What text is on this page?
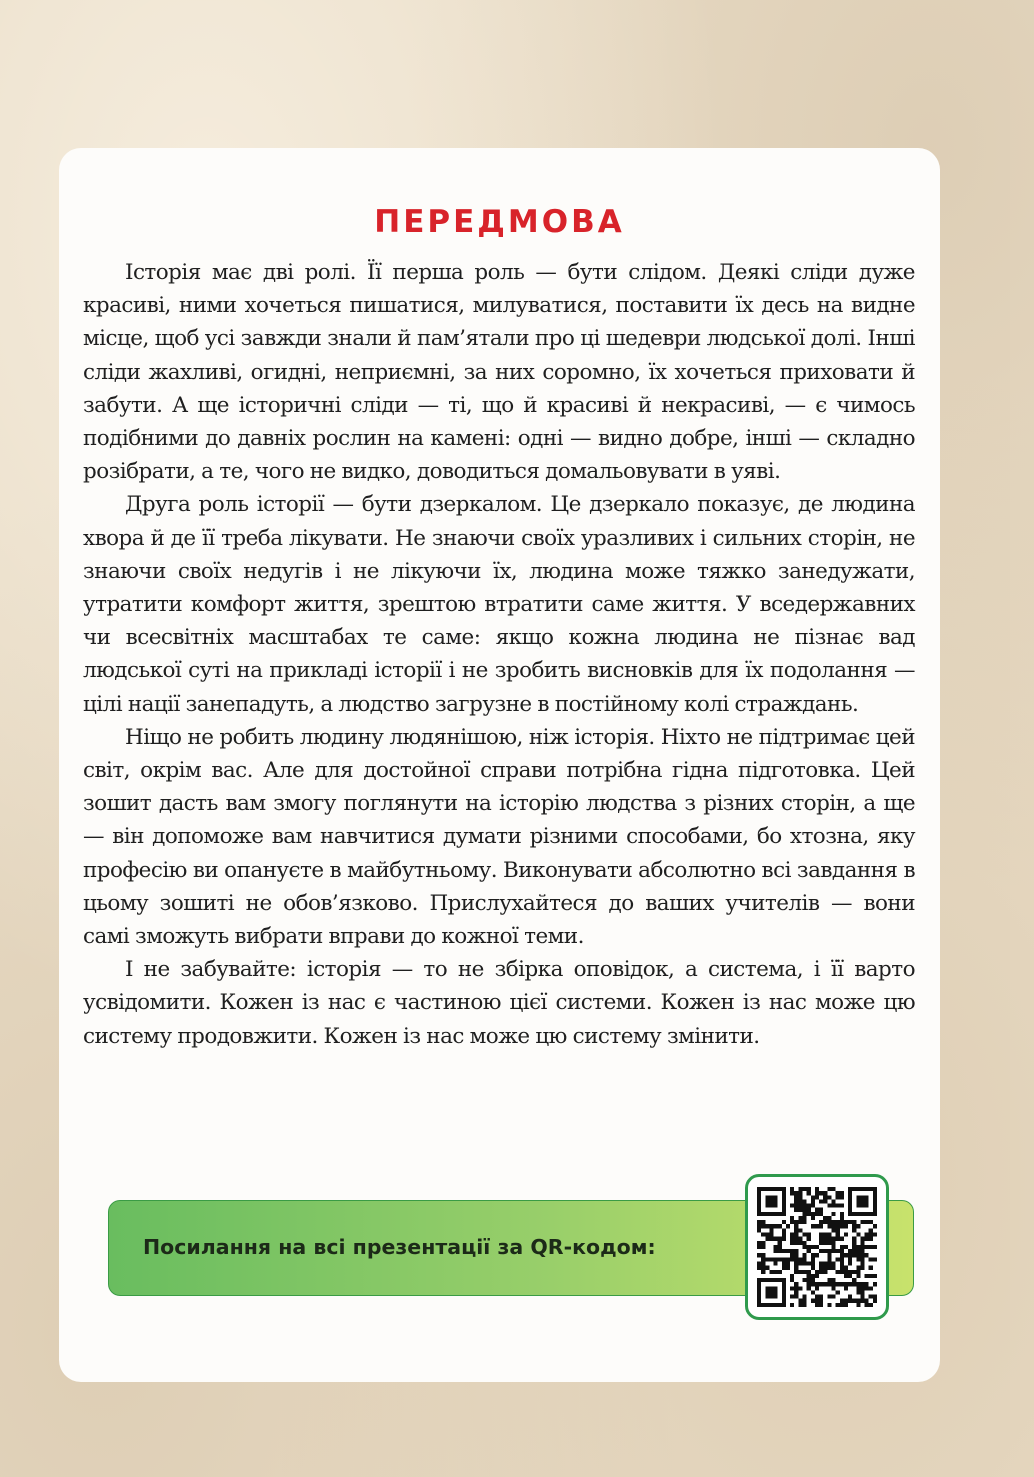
ПЕРЕДМОВА

Історія має дві ролі. Її перша роль — бути слідом. Деякі сліди дуже красиві, ними хочеться пишатися, милуватися, поставити їх десь на видне місце, щоб усі завжди знали й пам’ятали про ці шедеври людської долі. Інші сліди жахливі, огидні, неприємні, за них соромно, їх хочеться приховати й забути. А ще історичні сліди — ті, що й красиві й некрасиві, — є чимось подібними до давніх рослин на камені: одні — видно добре, інші — складно розібрати, а те, чого не видко, доводиться домальовувати в уяві.

Друга роль історії — бути дзеркалом. Це дзеркало показує, де людина хвора й де її треба лікувати. Не знаючи своїх уразливих і сильних сторін, не знаючи своїх недугів і не лікуючи їх, людина може тяжко занедужати, утратити комфорт життя, зрештою втратити саме життя. У вседержавних чи всесвітніх масштабах те саме: якщо кожна людина не пізнає вад людської суті на прикладі історії і не зробить висновків для їх подолання — цілі нації занепадуть, а людство загрузне в постійному колі страждань.

Ніщо не робить людину людянішою, ніж історія. Ніхто не підтримає цей світ, окрім вас. Але для достойної справи потрібна гідна підготовка. Цей зошит дасть вам змогу поглянути на історію людства з різних сторін, а ще — він допоможе вам навчитися думати різними способами, бо хтозна, яку професію ви опануєте в майбутньому. Виконувати абсолютно всі завдання в цьому зошиті не обов’язково. Прислухайтеся до ваших учителів — вони самі зможуть вибрати вправи до кожної теми.

І не забувайте: історія — то не збірка оповідок, а система, і її варто усвідомити. Кожен із нас є частиною цієї системи. Кожен із нас може цю систему продовжити. Кожен із нас може цю систему змінити.

Посилання на всі презентації за QR-кодом:
